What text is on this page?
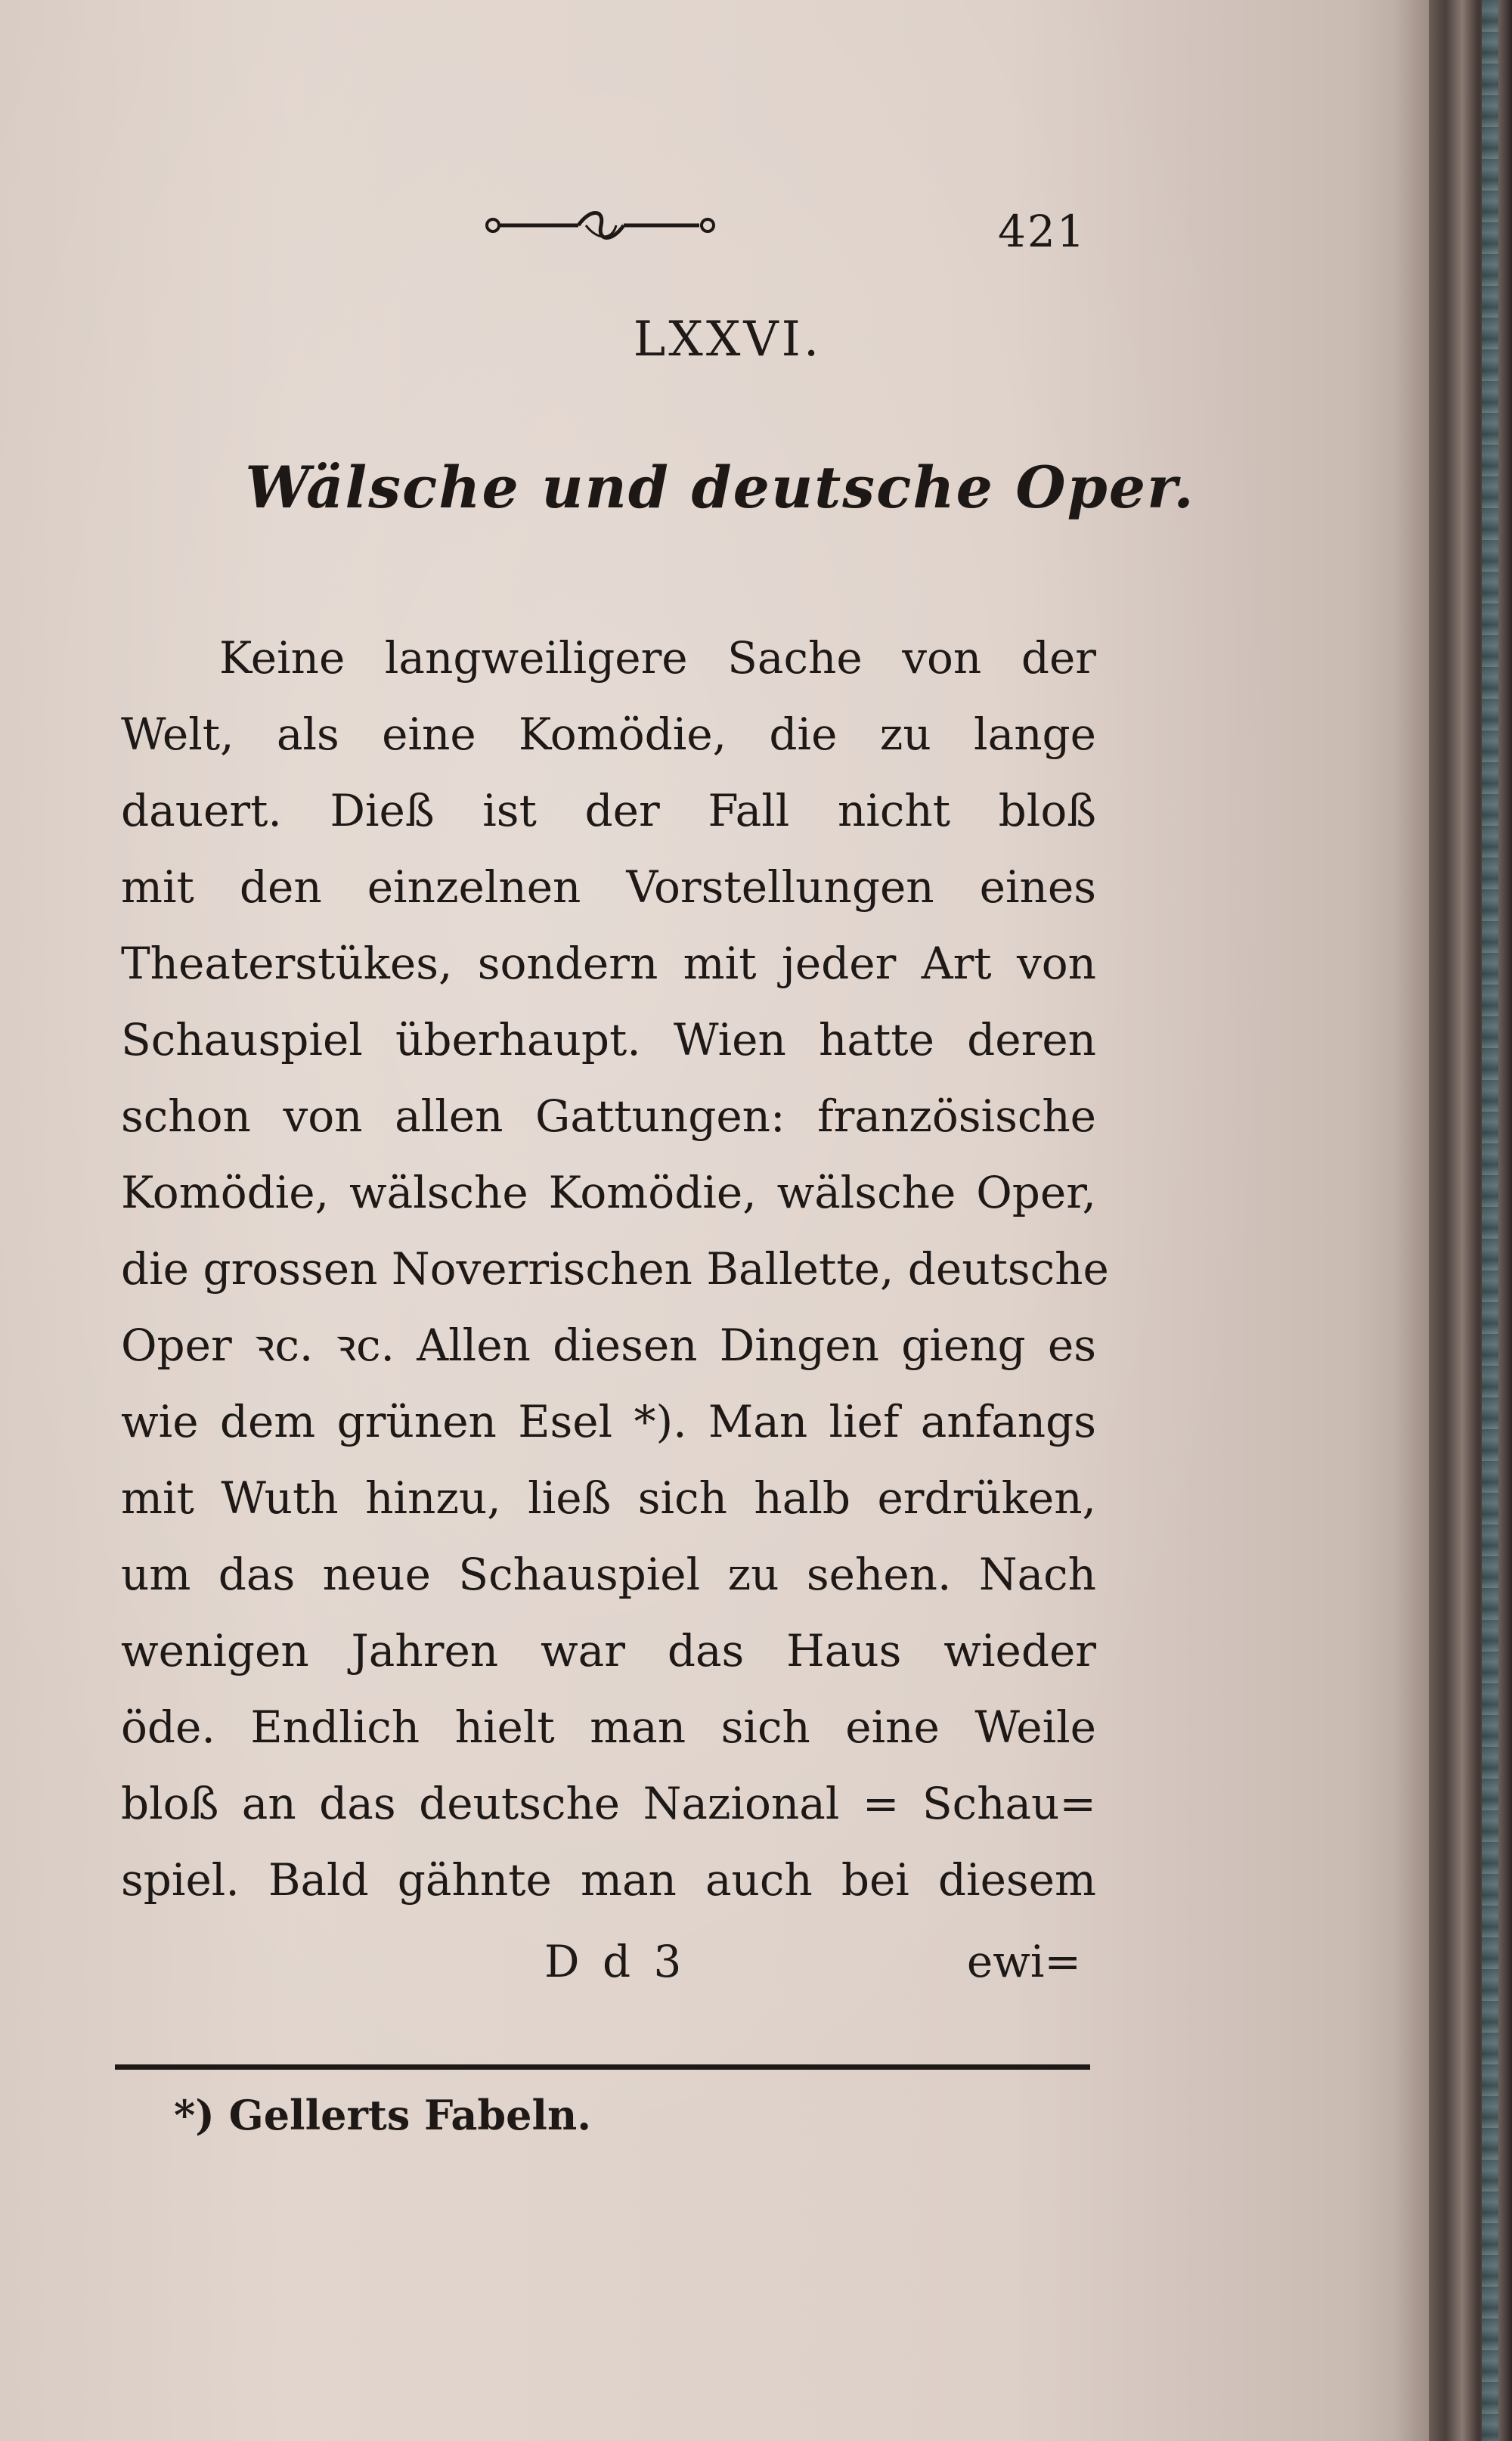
421
LXXVI.
Wälsche und deutsche Oper.
Keine langweiligere Sache von der
Welt, als eine Komödie, die zu lange
dauert. Dieß ist der Fall nicht bloß
mit den einzelnen Vorstellungen eines
Theaterstükes, sondern mit jeder Art von
Schauspiel überhaupt. Wien hatte deren
schon von allen Gattungen: französische
Komödie, wälsche Komödie, wälsche Oper,
die grossen Noverrischen Ballette, deutsche
Oper ꝛc. ꝛc. Allen diesen Dingen gieng es
wie dem grünen Esel *). Man lief anfangs
mit Wuth hinzu, ließ sich halb erdrüken,
um das neue Schauspiel zu sehen. Nach
wenigen Jahren war das Haus wieder
öde. Endlich hielt man sich eine Weile
bloß an das deutsche Nazional = Schau=
spiel. Bald gähnte man auch bei diesem
D d 3	ewi=
*) Gellerts Fabeln.
